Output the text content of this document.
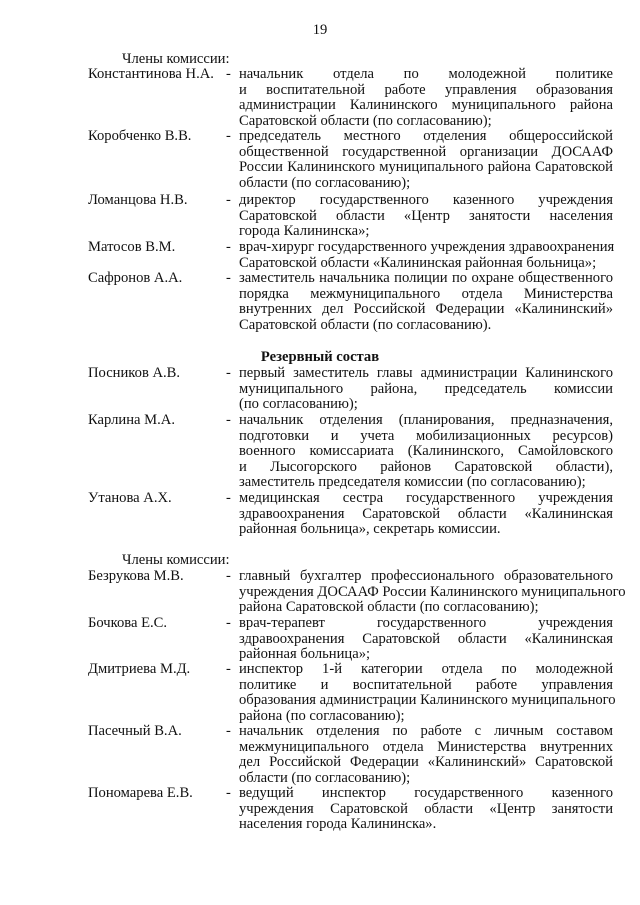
19
Члены комиссии:
Константинова Н.А. - начальник отдела по молодежной политике
и воспитательной работе управления образования
администрации Калининского муниципального района
Саратовской области (по согласованию);
Коробченко В.В. - председатель местного отделения общероссийской
общественной государственной организации ДОСААФ
России Калининского муниципального района Саратовской
области (по согласованию);
Ломанцова Н.В.	- директор государственного казенного учреждения
Саратовской области «Центр занятости населения
города Калининска»;
Матосов В.М.	- врач-хирург государственного учреждения здравоохранения
Саратовской области «Калининская районная больница»;
Сафронов А.А.	- заместитель начальника полиции по охране общественного
порядка межмуниципального отдела Министерства
внутренних дел Российской Федерации «Калининский»
Саратовской области (по согласованию).
Резервный состав
Посников А.В.	- первый заместитель главы администрации Калининского
муниципального района, председатель комиссии
(по согласованию);
Карлина М.А.	- начальник отделения (планирования, предназначения,
подготовки и учета мобилизационных ресурсов)
военного комиссариата (Калининского, Самойловского
и Лысогорского районов Саратовской области),
заместитель председателя комиссии (по согласованию);
Утанова А.Х.	- медицинская сестра государственного учреждения
здравоохранения Саратовской области «Калининская
районная больница», секретарь комиссии.
Члены комиссии:
Безрукова М.В.	- главный бухгалтер профессионального образовательного
учреждения ДОСААФ России Калининского муниципального
района Саратовской области (по согласованию);
Бочкова Е.С.	- врач-терапевт государственного учреждения
здравоохранения Саратовской области «Калининская
районная больница»;
Дмитриева М.Д. - инспектор 1-й категории отдела по молодежной
политике и воспитательной работе управления
образования администрации Калининского муниципального
района (по согласованию);
Пасечный В.А.	- начальник отделения по работе с личным составом
межмуниципального отдела Министерства внутренних
дел Российской Федерации «Калининский» Саратовской
области (по согласованию);
Пономарева Е.В. - ведущий инспектор государственного казенного
учреждения Саратовской области «Центр занятости
населения города Калининска».
